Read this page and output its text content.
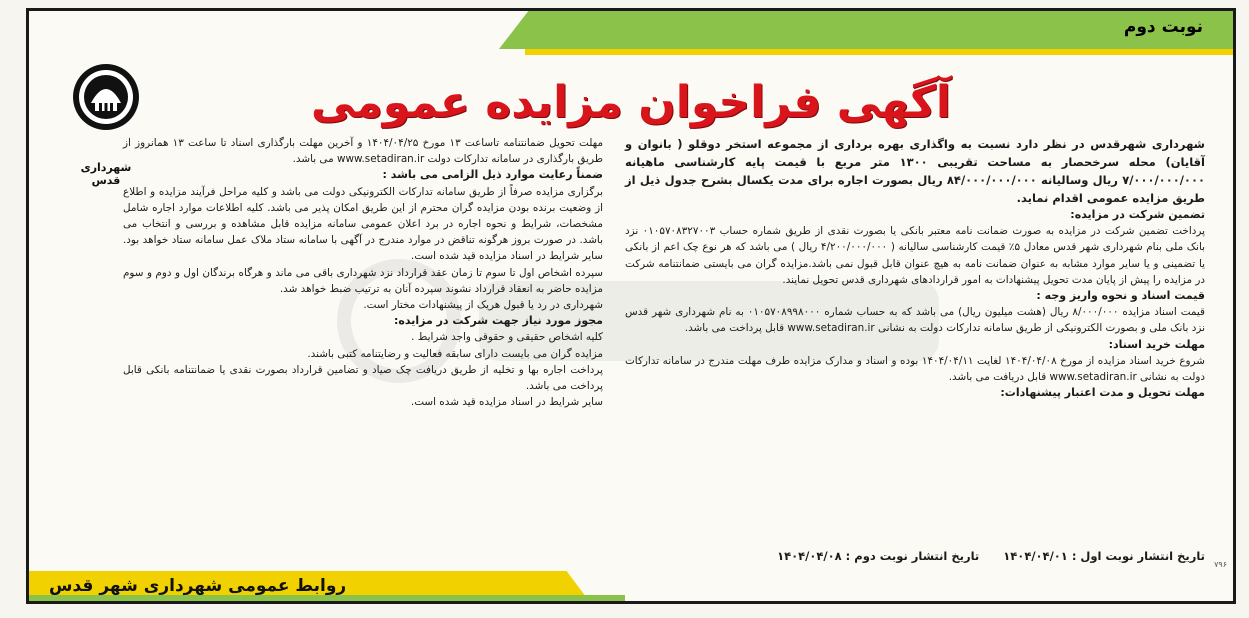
نوبت دوم
شهرداری قدس
آگهی فراخوان مزایده عمومی

شهرداری شهرقدس در نظر دارد نسبت به واگذاری بهره برداری از مجموعه استخر دوقلو ( بانوان و آقایان) محله سرخحصار به مساحت تقریبی ۱۳۰۰ متر مربع با قیمت پایه کارشناسی ماهیانه ۷/۰۰۰/۰۰۰/۰۰۰ ریال وسالیانه ۸۴/۰۰۰/۰۰۰/۰۰۰ ریال بصورت اجاره برای مدت یکسال بشرح جدول ذیل از طریق مزایده عمومی اقدام نماید.

تضمین شرکت در مزایده:

پرداخت تضمین شرکت در مزایده به صورت ضمانت نامه معتبر بانکی یا بصورت نقدی از طریق شماره حساب ۰۱۰۵۷۰۸۳۲۷۰۰۳ نزد بانک ملی بنام شهرداری شهر قدس معادل ۵٪ قیمت کارشناسی سالیانه ( ۴/۲۰۰/۰۰۰/۰۰۰ ریال ) می باشد که هر نوع چک اعم از بانکی یا تضمینی و یا سایر موارد مشابه به عنوان ضمانت نامه به هیچ عنوان قابل قبول نمی باشد.مزایده گران می بایستی ضمانتنامه شرکت در مزایده را پیش از پایان مدت تحویل پیشنهادات به امور قراردادهای شهرداری قدس تحویل نمایند.

قیمت اسناد و نحوه واریز وجه :

قیمت اسناد مزایده ۸/۰۰۰/۰۰۰ ریال (هشت میلیون ریال) می باشد که به حساب شماره ۰۱۰۵۷۰۸۹۹۸۰۰۰ به نام شهرداری شهر قدس نزد بانک ملی و بصورت الکترونیکی از طریق سامانه تدارکات دولت به نشانی www.setadiran.ir قابل پرداخت می باشد.

مهلت خرید اسناد:

شروع خرید اسناد مزایده از مورخ ۱۴۰۴/۰۴/۰۸ لغایت ۱۴۰۴/۰۴/۱۱ بوده و اسناد و مدارک مزایده طرف مهلت مندرج در سامانه تدارکات دولت به نشانی www.setadiran.ir قابل دریافت می باشد.

مهلت تحویل و مدت اعتبار پیشنهادات:

مهلت تحویل ضمانتنامه تاساعت ۱۳ مورخ ۱۴۰۴/۰۴/۲۵ و آخرین مهلت بارگذاری اسناد تا ساعت ۱۳ همانروز از طریق بارگذاری در سامانه تدارکات دولت www.setadiran.ir می باشد.

ضمناً رعایت موارد ذیل الزامی می باشد :

برگزاری مزایده صرفاً از طریق سامانه تدارکات الکترونیکی دولت می باشد و کلیه مراحل فرآیند مزایده و اطلاع از وضعیت برنده بودن مزایده گران محترم از این طریق امکان پذیر می باشد. کلیه اطلاعات موارد اجاره شامل مشخصات، شرایط و نحوه اجاره در برد اعلان عمومی سامانه مزایده قابل مشاهده و بررسی و انتخاب می باشد. در صورت بروز هرگونه تناقض در موارد مندرج در آگهی با سامانه ستاد ملاک عمل سامانه ستاد خواهد بود. سایر شرایط در اسناد مزایده قید شده است.

سپرده اشخاص اول تا سوم تا زمان عقد قرارداد نزد شهرداری باقی می ماند و هرگاه برندگان اول و دوم و سوم مزایده حاضر به انعقاد قرارداد نشوند سپرده آنان به ترتیب ضبط خواهد شد.

شهرداری در رد یا قبول هریک از پیشنهادات مختار است.

مجوز مورد نیاز جهت شرکت در مزایده:

کلیه اشخاص حقیقی و حقوقی واجد شرایط .

مزایده گران می بایست دارای سابقه فعالیت و رضایتنامه کتبی باشند.

پرداخت اجاره بها و تخلیه از طریق دریافت چک صیاد و تضامین قرارداد بصورت نقدی یا ضمانتنامه بانکی قابل پرداخت می باشد.

سایر شرایط در اسناد مزایده قید شده است.

تاریخ انتشار نوبت اول : ۱۴۰۴/۰۴/۰۱      تاریخ انتشار نوبت دوم : ۱۴۰۴/۰۴/۰۸

۷۹۶
روابط عمومی شهرداری شهر قدس
